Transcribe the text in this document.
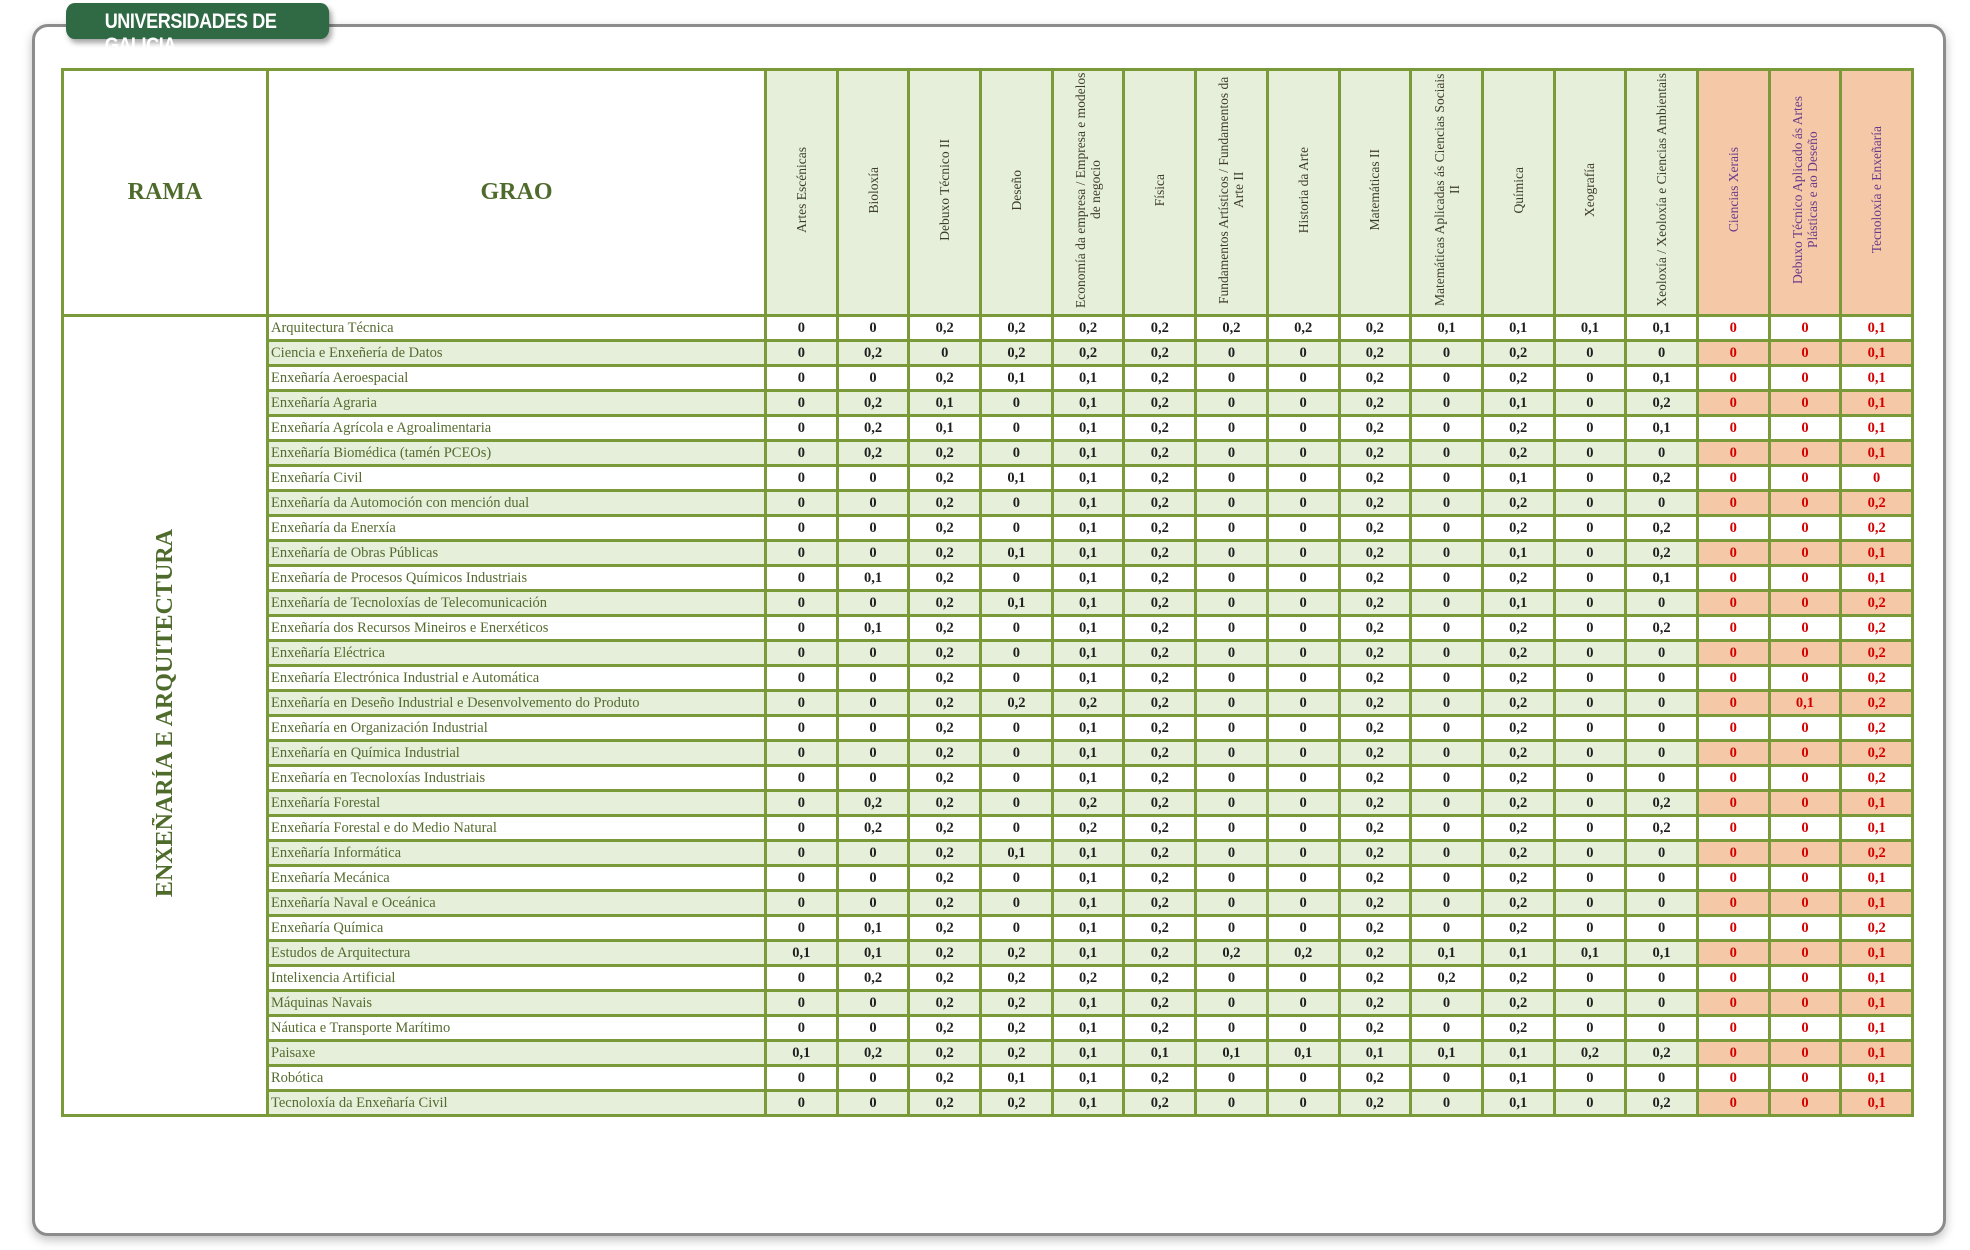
UNIVERSIDADES DE GALICIA
RAMA	GRAO	Artes Escénicas	Bioloxía	Debuxo Técnico II	Deseño	Economía da empresa / Empresa e modelos de negocio	Física	Fundamentos Artísticos / Fundamentos da Arte II	Historia da Arte	Matemáticas II	Matemáticas Aplicadas ás Ciencias Sociais II	Química	Xeografía	Xeoloxía / Xeoloxía e Ciencias Ambientais	Ciencias Xerais	Debuxo Técnico Aplicado ás Artes Plásticas e ao Deseño	Tecnoloxía e Enxeñaría
ENXEÑARÍA E ARQUITECTURA	Arquitectura Técnica	0	0	0,2	0,2	0,2	0,2	0,2	0,2	0,2	0,1	0,1	0,1	0,1	0	0	0,1
	Ciencia e Enxeñería de Datos	0	0,2	0	0,2	0,2	0,2	0	0	0,2	0	0,2	0	0	0	0	0,1
	Enxeñaría Aeroespacial	0	0	0,2	0,1	0,1	0,2	0	0	0,2	0	0,2	0	0,1	0	0	0,1
	Enxeñaría Agraria	0	0,2	0,1	0	0,1	0,2	0	0	0,2	0	0,1	0	0,2	0	0	0,1
	Enxeñaría Agrícola e Agroalimentaria	0	0,2	0,1	0	0,1	0,2	0	0	0,2	0	0,2	0	0,1	0	0	0,1
	Enxeñaría Biomédica (tamén PCEOs)	0	0,2	0,2	0	0,1	0,2	0	0	0,2	0	0,2	0	0	0	0	0,1
	Enxeñaría Civil	0	0	0,2	0,1	0,1	0,2	0	0	0,2	0	0,1	0	0,2	0	0	0
	Enxeñaría da Automoción con mención dual	0	0	0,2	0	0,1	0,2	0	0	0,2	0	0,2	0	0	0	0	0,2
	Enxeñaría da Enerxía	0	0	0,2	0	0,1	0,2	0	0	0,2	0	0,2	0	0,2	0	0	0,2
	Enxeñaría de Obras Públicas	0	0	0,2	0,1	0,1	0,2	0	0	0,2	0	0,1	0	0,2	0	0	0,1
	Enxeñaría de Procesos Químicos Industriais	0	0,1	0,2	0	0,1	0,2	0	0	0,2	0	0,2	0	0,1	0	0	0,1
	Enxeñaría de Tecnoloxías de Telecomunicación	0	0	0,2	0,1	0,1	0,2	0	0	0,2	0	0,1	0	0	0	0	0,2
	Enxeñaría dos Recursos Mineiros e Enerxéticos	0	0,1	0,2	0	0,1	0,2	0	0	0,2	0	0,2	0	0,2	0	0	0,2
	Enxeñaría Eléctrica	0	0	0,2	0	0,1	0,2	0	0	0,2	0	0,2	0	0	0	0	0,2
	Enxeñaría Electrónica Industrial e Automática	0	0	0,2	0	0,1	0,2	0	0	0,2	0	0,2	0	0	0	0	0,2
	Enxeñaría en Deseño Industrial e Desenvolvemento do Produto	0	0	0,2	0,2	0,2	0,2	0	0	0,2	0	0,2	0	0	0	0,1	0,2
	Enxeñaría en Organización Industrial	0	0	0,2	0	0,1	0,2	0	0	0,2	0	0,2	0	0	0	0	0,2
	Enxeñaría en Química Industrial	0	0	0,2	0	0,1	0,2	0	0	0,2	0	0,2	0	0	0	0	0,2
	Enxeñaría en Tecnoloxías Industriais	0	0	0,2	0	0,1	0,2	0	0	0,2	0	0,2	0	0	0	0	0,2
	Enxeñaría Forestal	0	0,2	0,2	0	0,2	0,2	0	0	0,2	0	0,2	0	0,2	0	0	0,1
	Enxeñaría Forestal e do Medio Natural	0	0,2	0,2	0	0,2	0,2	0	0	0,2	0	0,2	0	0,2	0	0	0,1
	Enxeñaría Informática	0	0	0,2	0,1	0,1	0,2	0	0	0,2	0	0,2	0	0	0	0	0,2
	Enxeñaría Mecánica	0	0	0,2	0	0,1	0,2	0	0	0,2	0	0,2	0	0	0	0	0,1
	Enxeñaría Naval e Oceánica	0	0	0,2	0	0,1	0,2	0	0	0,2	0	0,2	0	0	0	0	0,1
	Enxeñaría Química	0	0,1	0,2	0	0,1	0,2	0	0	0,2	0	0,2	0	0	0	0	0,2
	Estudos de Arquitectura	0,1	0,1	0,2	0,2	0,1	0,2	0,2	0,2	0,2	0,1	0,1	0,1	0,1	0	0	0,1
	Intelixencia Artificial	0	0,2	0,2	0,2	0,2	0,2	0	0	0,2	0,2	0,2	0	0	0	0	0,1
	Máquinas Navais	0	0	0,2	0,2	0,1	0,2	0	0	0,2	0	0,2	0	0	0	0	0,1
	Náutica e Transporte Marítimo	0	0	0,2	0,2	0,1	0,2	0	0	0,2	0	0,2	0	0	0	0	0,1
	Paisaxe	0,1	0,2	0,2	0,2	0,1	0,1	0,1	0,1	0,1	0,1	0,1	0,2	0,2	0	0	0,1
	Robótica	0	0	0,2	0,1	0,1	0,2	0	0	0,2	0	0,1	0	0	0	0	0,1
	Tecnoloxía da Enxeñaría Civil	0	0	0,2	0,2	0,1	0,2	0	0	0,2	0	0,1	0	0,2	0	0	0,1
